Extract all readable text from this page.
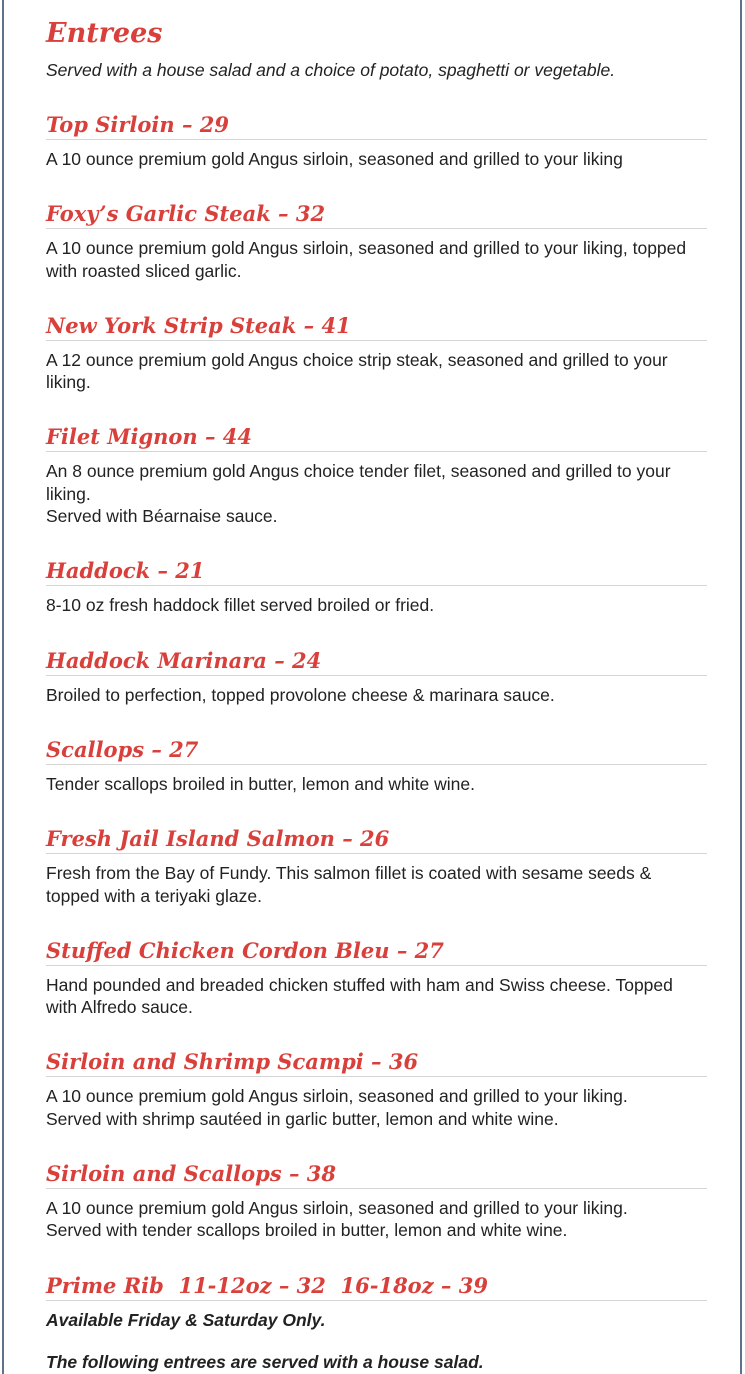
Entrees

Served with a house salad and a choice of potato, spaghetti or vegetable.

Top Sirloin – 29

A 10 ounce premium gold Angus sirloin, seasoned and grilled to your liking

Foxy’s Garlic Steak – 32

A 10 ounce premium gold Angus sirloin, seasoned and grilled to your liking, topped with roasted sliced garlic.

New York Strip Steak – 41

A 12 ounce premium gold Angus choice strip steak, seasoned and grilled to your liking.

Filet Mignon – 44

An 8 ounce premium gold Angus choice tender filet, seasoned and grilled to your liking.
Served with Béarnaise sauce.

Haddock – 21

8-10 oz fresh haddock fillet served broiled or fried.

Haddock Marinara – 24

Broiled to perfection, topped provolone cheese & marinara sauce.

Scallops – 27

Tender scallops broiled in butter, lemon and white wine.

Fresh Jail Island Salmon – 26

Fresh from the Bay of Fundy. This salmon fillet is coated with sesame seeds & topped with a teriyaki glaze.

Stuffed Chicken Cordon Bleu – 27

Hand pounded and breaded chicken stuffed with ham and Swiss cheese. Topped with Alfredo sauce.

Sirloin and Shrimp Scampi – 36

A 10 ounce premium gold Angus sirloin, seasoned and grilled to your liking.
Served with shrimp sautéed in garlic butter, lemon and white wine.

Sirloin and Scallops – 38

A 10 ounce premium gold Angus sirloin, seasoned and grilled to your liking.
Served with tender scallops broiled in butter, lemon and white wine.

Prime Rib  11-12oz – 32  16-18oz – 39

Available Friday & Saturday Only.

The following entrees are served with a house salad.
